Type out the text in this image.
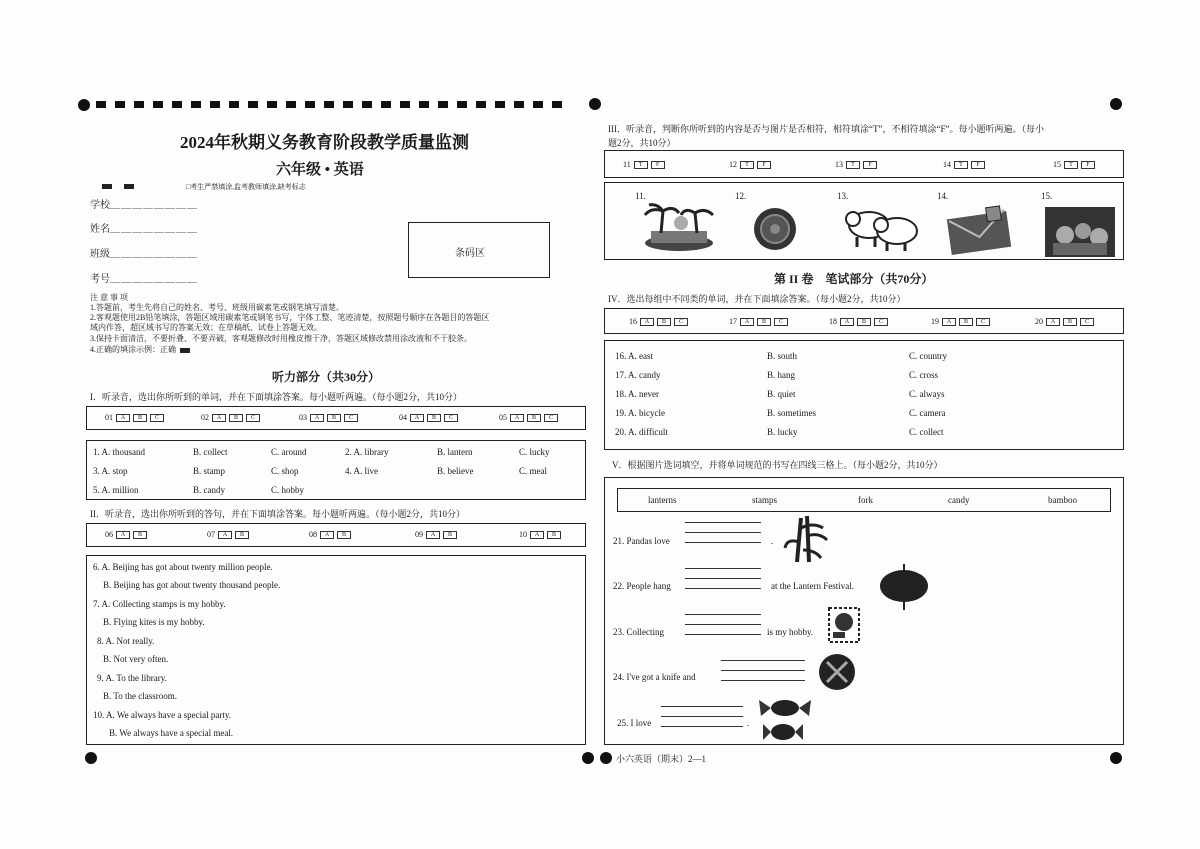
2024年秋期义务教育阶段教学质量监测
六年级 • 英语
□考生严禁填涂,监考教师填涂,缺考标志
学校＿＿＿＿＿＿＿＿
姓名＿＿＿＿＿＿＿＿
班级＿＿＿＿＿＿＿＿
考号＿＿＿＿＿＿＿＿
条码区
注 意 事 项
1.答题前，考生先将自己的姓名、考号、班级用碳素笔或钢笔填写清楚。
2.客观题使用2B铅笔填涂，答题区域用碳素笔或钢笔书写，字体工整、笔迹清楚，按照题号顺序在各题目的答题区
域内作答，超区域书写的答案无效；在草稿纸、试卷上答题无效。
3.保持卡面清洁，不要折叠、不要弄破，客观题修改时用橡皮擦干净，答题区域修改禁用涂改液和不干胶条。
4.正确的填涂示例：正确
听力部分（共30分）
I．听录音，选出你所听到的单词，并在下面填涂答案。每小题听两遍。（每小题2分，共10分）
01 A B C	02 A B C	03 A B C	04 A B C	05 A B C
1. A. thousand	B. collect	C. around	2. A. library	B. lantern	C. lucky
3. A. stop	B. stamp	C. shop	4. A. live	B. believe	C. meal
5. A. million	B. candy	C. hobby
II．听录音，选出你所听到的答句，并在下面填涂答案。每小题听两遍。（每小题2分，共10分）
06 A B	07 A B	08 A B	09 A B	10 A B
6. A. Beijing has got about twenty million people.
B. Beijing has got about twenty thousand people.
7. A. Collecting stamps is my hobby.
B. Flying kites is my hobby.
8. A. Not really.
B. Not very often.
9. A. To the library.
B. To the classroom.
10. A. We always have a special party.
B. We always have a special meal.
III．听录音，判断你所听到的内容是否与图片是否相符，相符填涂“T”，不相符填涂“F”。每小题听两遍。（每小
题2分，共10分）
11 T F	12 T F	13 T F	14 T F	15 T F
11.	12.	13.	14.	15.
第 II 卷　笔试部分（共70分）
IV．选出每组中不同类的单词，并在下面填涂答案。（每小题2分，共10分）
16 A B C	17 A B C	18 A B C	19 A B C	20 A B C
16. A. east	B. south	C. country
17. A. candy	B. hang	C. cross
18. A. never	B. quiet	C. always
19. A. bicycle	B. sometimes	C. camera
20. A. difficult	B. lucky	C. collect
V．根据图片选词填空，并将单词规范的书写在四线三格上。（每小题2分，共10分）
lanterns	stamps	fork	candy	bamboo
21. Pandas love	.
22. People hang	at the Lantern Festival.
23. Collecting	is my hobby.
24. I've got a knife and
25. I love	.
小六英语（期末）2—1
